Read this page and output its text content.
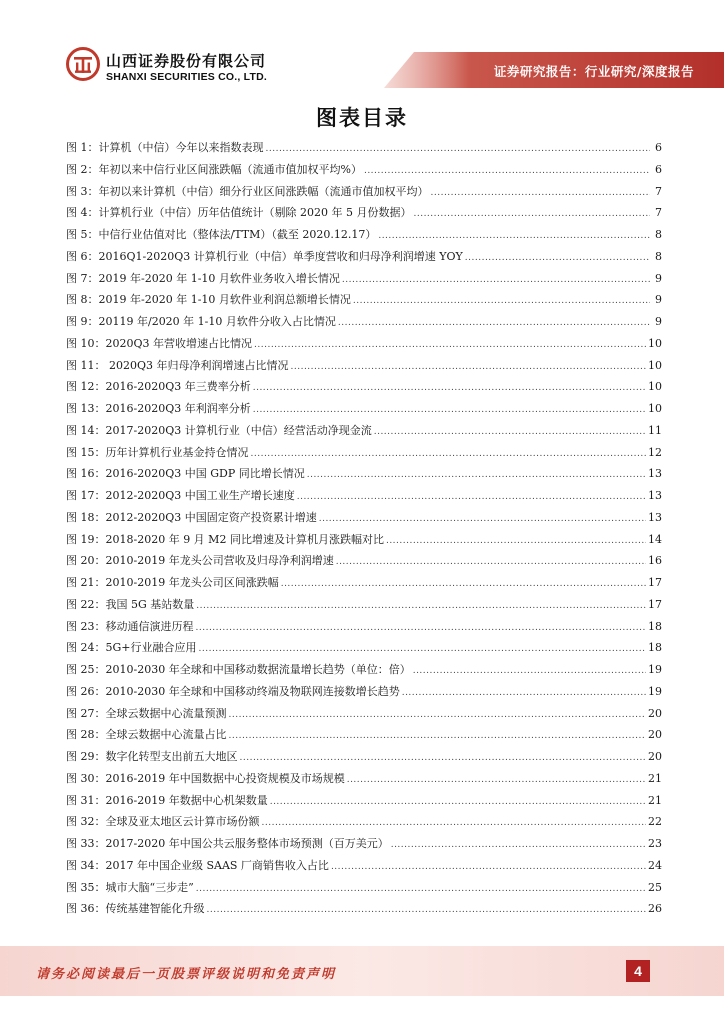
山西证券股份有限公司
SHANXI SECURITIES CO., LTD.	证券研究报告：行业研究/深度报告
图表目录
图 1：计算机（中信）今年以来指数表现 .....	6
图 2：年初以来中信行业区间涨跌幅（流通市值加权平均%） .....	6
图 3：年初以来计算机（中信）细分行业区间涨跌幅（流通市值加权平均） .....	7
图 4：计算机行业（中信）历年估值统计（剔除 2020 年 5 月份数据） .....	7
图 5：中信行业估值对比（整体法/TTM）（截至 2020.12.17） .....	8
图 6：2016Q1-2020Q3 计算机行业（中信）单季度营收和归母净利润增速 YOY .....	8
图 7：2019 年-2020 年 1-10 月软件业务收入增长情况 .....	9
图 8：2019 年-2020 年 1-10 月软件业利润总额增长情况 .....	9
图 9：20119 年/2020 年 1-10 月软件分收入占比情况 .....	9
图 10：2020Q3 年营收增速占比情况 .....	10
图 11： 2020Q3 年归母净利润增速占比情况 .....	10
图 12：2016-2020Q3 年三费率分析 .....	10
图 13：2016-2020Q3 年利润率分析 .....	10
图 14：2017-2020Q3 计算机行业（中信）经营活动净现金流 .....	11
图 15：历年计算机行业基金持仓情况 .....	12
图 16：2016-2020Q3 中国 GDP 同比增长情况 .....	13
图 17：2012-2020Q3 中国工业生产增长速度 .....	13
图 18：2012-2020Q3 中国固定资产投资累计增速 .....	13
图 19：2018-2020 年 9 月 M2 同比增速及计算机月涨跌幅对比 .....	14
图 20：2010-2019 年龙头公司营收及归母净利润增速 .....	16
图 21：2010-2019 年龙头公司区间涨跌幅 .....	17
图 22：我国 5G 基站数量 .....	17
图 23：移动通信演进历程 .....	18
图 24：5G+行业融合应用 .....	18
图 25：2010-2030 年全球和中国移动数据流量增长趋势（单位：倍） .....	19
图 26：2010-2030 年全球和中国移动终端及物联网连接数增长趋势 .....	19
图 27：全球云数据中心流量预测 .....	20
图 28：全球云数据中心流量占比 .....	20
图 29：数字化转型支出前五大地区 .....	20
图 30：2016-2019 年中国数据中心投资规模及市场规模 .....	21
图 31：2016-2019 年数据中心机架数量 .....	21
图 32：全球及亚太地区云计算市场份额 .....	22
图 33：2017-2020 年中国公共云服务整体市场预测（百万美元） .....	23
图 34：2017 年中国企业级 SAAS 厂商销售收入占比 .....	24
图 35：城市大脑“三步走” .....	25
图 36：传统基建智能化升级 .....	26
请务必阅读最后一页股票评级说明和免责声明	4
